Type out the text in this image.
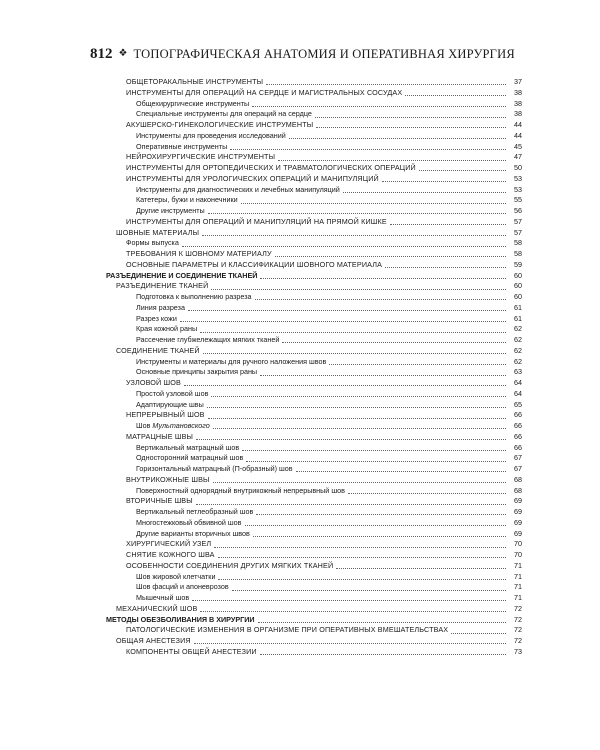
812 ❖ ТОПОГРАФИЧЕСКАЯ АНАТОМИЯ И ОПЕРАТИВНАЯ ХИРУРГИЯ
ОБЩЕТОРАКАЛЬНЫЕ ИНСТРУМЕНТЫ	37
ИНСТРУМЕНТЫ ДЛЯ ОПЕРАЦИЙ НА СЕРДЦЕ И МАГИСТРАЛЬНЫХ СОСУДАХ	38
Общехирургические инструменты	38
Специальные инструменты для операций на сердце	38
АКУШЕРСКО-ГИНЕКОЛОГИЧЕСКИЕ ИНСТРУМЕНТЫ	44
Инструменты для проведения исследований	44
Оперативные инструменты	45
НЕЙРОХИРУРГИЧЕСКИЕ ИНСТРУМЕНТЫ	47
ИНСТРУМЕНТЫ ДЛЯ ОРТОПЕДИЧЕСКИХ И ТРАВМАТОЛОГИЧЕСКИХ ОПЕРАЦИЙ	50
ИНСТРУМЕНТЫ ДЛЯ УРОЛОГИЧЕСКИХ ОПЕРАЦИЙ И МАНИПУЛЯЦИЙ	53
Инструменты для диагностических и лечебных манипуляций	53
Катетеры, бужи и наконечники	55
Другие инструменты	56
ИНСТРУМЕНТЫ ДЛЯ ОПЕРАЦИЙ И МАНИПУЛЯЦИЙ НА ПРЯМОЙ КИШКЕ	57
ШОВНЫЕ МАТЕРИАЛЫ	57
Формы выпуска	58
ТРЕБОВАНИЯ К ШОВНОМУ МАТЕРИАЛУ	58
ОСНОВНЫЕ ПАРАМЕТРЫ И КЛАССИФИКАЦИИ ШОВНОГО МАТЕРИАЛА	59
РАЗЪЕДИНЕНИЕ И СОЕДИНЕНИЕ ТКАНЕЙ	60
РАЗЪЕДИНЕНИЕ ТКАНЕЙ	60
Подготовка к выполнению разреза	60
Линия разреза	61
Разрез кожи	61
Края кожной раны	62
Рассечение глубжележащих мягких тканей	62
СОЕДИНЕНИЕ ТКАНЕЙ	62
Инструменты и материалы для ручного наложения швов	62
Основные принципы закрытия раны	63
УЗЛОВОЙ ШОВ	64
Простой узловой шов	64
Адаптирующие швы	65
НЕПРЕРЫВНЫЙ ШОВ	66
Шов Мультановского	66
МАТРАЦНЫЕ ШВЫ	66
Вертикальный матрацный шов	66
Односторонний матрацный шов	67
Горизонтальный матрацный (П-образный) шов	67
ВНУТРИКОЖНЫЕ ШВЫ	68
Поверхностный однорядный внутрикожный непрерывный шов	68
ВТОРИЧНЫЕ ШВЫ	69
Вертикальный петлеобразный шов	69
Многостежковый обвивной шов	69
Другие варианты вторичных швов	69
ХИРУРГИЧЕСКИЙ УЗЕЛ	70
СНЯТИЕ КОЖНОГО ШВА	70
ОСОБЕННОСТИ СОЕДИНЕНИЯ ДРУГИХ МЯГКИХ ТКАНЕЙ	71
Шов жировой клетчатки	71
Шов фасций и апоневрозов	71
Мышечный шов	71
МЕХАНИЧЕСКИЙ ШОВ	72
МЕТОДЫ ОБЕЗБОЛИВАНИЯ В ХИРУРГИИ	72
ПАТОЛОГИЧЕСКИЕ ИЗМЕНЕНИЯ В ОРГАНИЗМЕ ПРИ ОПЕРАТИВНЫХ ВМЕШАТЕЛЬСТВАХ	72
ОБЩАЯ АНЕСТЕЗИЯ	72
КОМПОНЕНТЫ ОБЩЕЙ АНЕСТЕЗИИ	73
